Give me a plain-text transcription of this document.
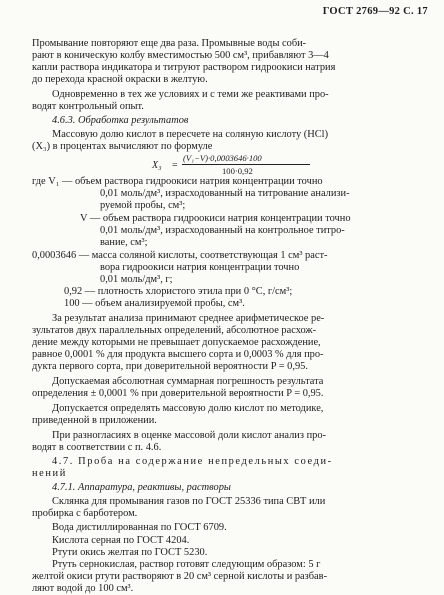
ГОСТ 2769—92 С. 17
Промывание повторяют еще два раза. Промывные воды соби-
рают в коническую колбу вместимостью 500 см³, прибавляют 3—4
капли раствора индикатора и титруют раствором гидроокиси натрия
до перехода красной окраски в желтую.
Одновременно в тех же условиях и с теми же реактивами про-
водят контрольный опыт.
4.6.3. Обработка результатов
Массовую долю кислот в пересчете на соляную кислоту (HCl)
(X₃) в процентах вычисляют по формуле
X₃ =
(V₁−V)·0,0003646·100
100·0,92
где V₁ — объем раствора гидроокиси натрия концентрации точно
0,01 моль/дм³, израсходованный на титрование анализи-
руемой пробы, см³;
V — объем раствора гидроокиси натрия концентрации точно
0,01 моль/дм³, израсходованный на контрольное титро-
вание, см³;
0,0003646 — масса соляной кислоты, соответствующая 1 см³ раст-
вора гидроокиси натрия концентрации точно
0,01 моль/дм³, г;
0,92 — плотность хлористого этила при 0 °С, г/см³;
100 — объем анализируемой пробы, см³.
За результат анализа принимают среднее арифметическое ре-
зультатов двух параллельных определений, абсолютное расхож-
дение между которыми не превышает допускаемое расхождение,
равное 0,0001 % для продукта высшего сорта и 0,0003 % для про-
дукта первого сорта, при доверительной вероятности P = 0,95.
Допускаемая абсолютная суммарная погрешность результата
определения ± 0,0001 % при доверительной вероятности P = 0,95.
Допускается определять массовую долю кислот по методике,
приведенной в приложении.
При разногласиях в оценке массовой доли кислот анализ про-
водят в соответствии с п. 4.6.
4.7. Проба на содержание непредельных соеди-
нений
4.7.1. Аппаратура, реактивы, растворы
Склянка для промывания газов по ГОСТ 25336 типа СВТ или
пробирка с барботером.
Вода дистиллированная по ГОСТ 6709.
Кислота серная по ГОСТ 4204.
Ртути окись желтая по ГОСТ 5230.
Ртуть сернокислая, раствор готовят следующим образом: 5 г
желтой окиси ртути растворяют в 20 см³ серной кислоты и разбав-
ляют водой до 100 см³.
